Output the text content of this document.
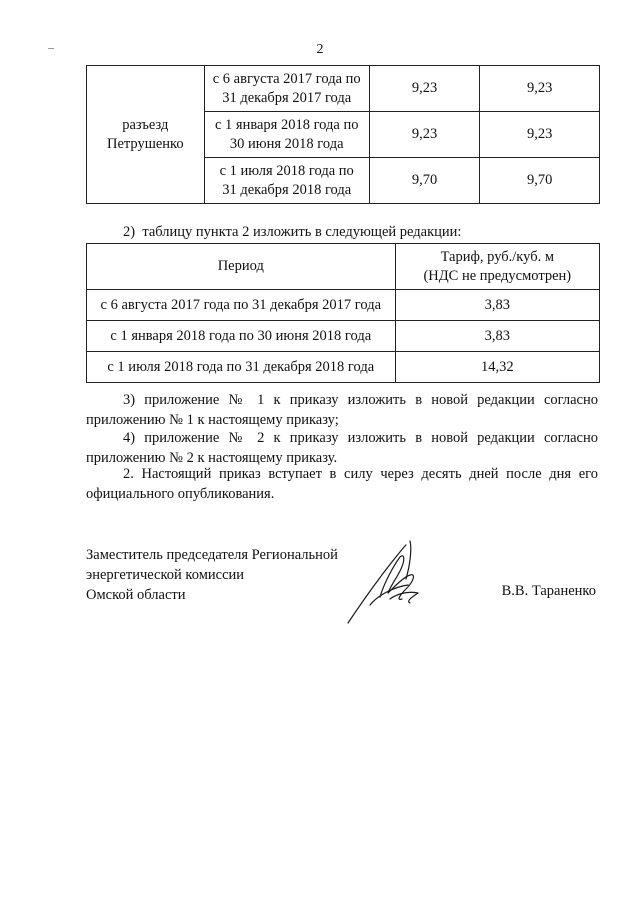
2
разъезд Петрушенко	с 6 августа 2017 года по 31 декабря 2017 года	9,23	9,23
	с 1 января 2018 года по 30 июня 2018 года	9,23	9,23
	с 1 июля 2018 года по 31 декабря 2018 года	9,70	9,70

2)  таблицу пункта 2 изложить в следующей редакции:

Период	Тариф, руб./куб. м
(НДС не предусмотрен)

с 6 августа 2017 года по 31 декабря 2017 года	3,83
с 1 января 2018 года по 30 июня 2018 года	3,83
с 1 июля 2018 года по 31 декабря 2018 года	14,32

3) приложение № 1 к приказу изложить в новой редакции согласно приложению № 1 к настоящему приказу;

4) приложение № 2 к приказу изложить в новой редакции согласно приложению № 2 к настоящему приказу.

2. Настоящий приказ вступает в силу через десять дней после дня его официального опубликования.

Заместитель председателя Региональной
энергетической комиссии
Омской области	В.В. Тараненко
